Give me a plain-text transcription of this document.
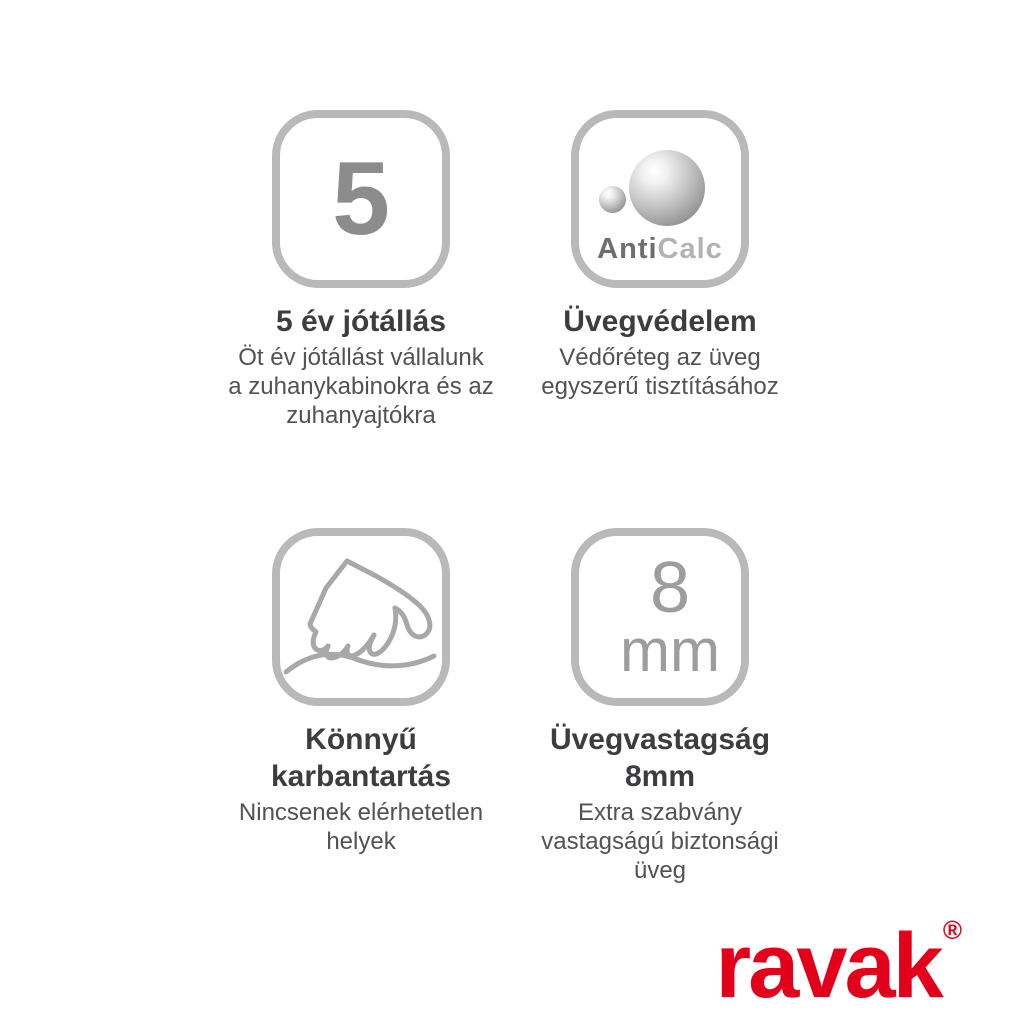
5
5 év jótállás

Öt év jótállást vállalunk
a zuhanykabinokra és az
zuhanyajtókra

AntiCalc
Üvegvédelem

Védőréteg az üveg
egyszerű tisztításához

Könnyű
karbantartás

Nincsenek elérhetetlen
helyek

8
mm
Üvegvastagság
8mm

Extra szabvány
vastagságú biztonsági
üveg

ravak®
